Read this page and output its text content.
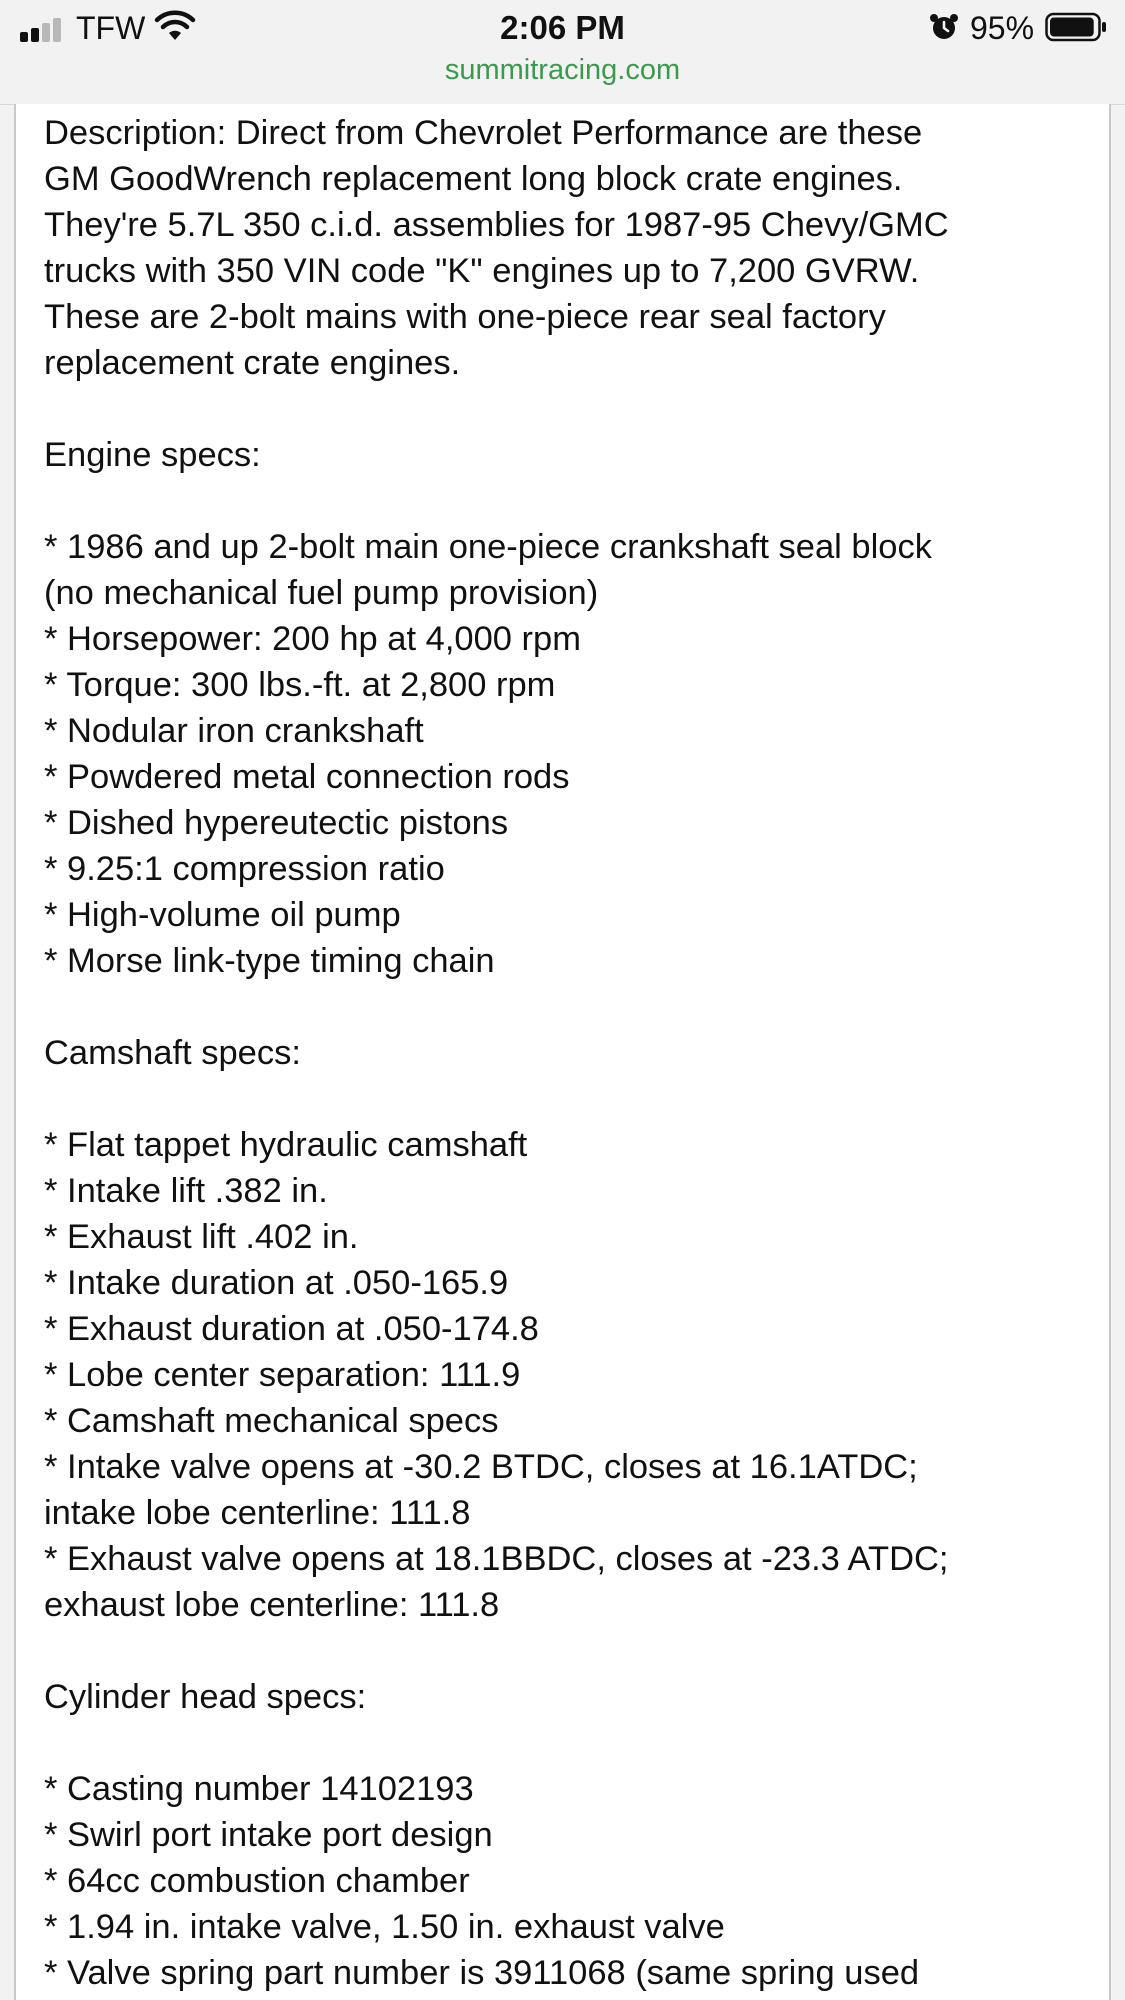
TFW	2:06 PM
summitracing.com
95%

Description: Direct from Chevrolet Performance are these

GM GoodWrench replacement long block crate engines.

They're 5.7L 350 c.i.d. assemblies for 1987-95 Chevy/GMC

trucks with 350 VIN code "K" engines up to 7,200 GVRW.

These are 2-bolt mains with one-piece rear seal factory

replacement crate engines.

Engine specs:

* 1986 and up 2-bolt main one-piece crankshaft seal block

(no mechanical fuel pump provision)

* Horsepower: 200 hp at 4,000 rpm

* Torque: 300 lbs.-ft. at 2,800 rpm

* Nodular iron crankshaft

* Powdered metal connection rods

* Dished hypereutectic pistons

* 9.25:1 compression ratio

* High-volume oil pump

* Morse link-type timing chain

Camshaft specs:

* Flat tappet hydraulic camshaft

* Intake lift .382 in.

* Exhaust lift .402 in.

* Intake duration at .050-165.9

* Exhaust duration at .050-174.8

* Lobe center separation: 111.9

* Camshaft mechanical specs

* Intake valve opens at -30.2 BTDC, closes at 16.1ATDC;

intake lobe centerline: 111.8

* Exhaust valve opens at 18.1BBDC, closes at -23.3 ATDC;

exhaust lobe centerline: 111.8

Cylinder head specs:

* Casting number 14102193

* Swirl port intake port design

* 64cc combustion chamber

* 1.94 in. intake valve, 1.50 in. exhaust valve

* Valve spring part number is 3911068 (same spring used
